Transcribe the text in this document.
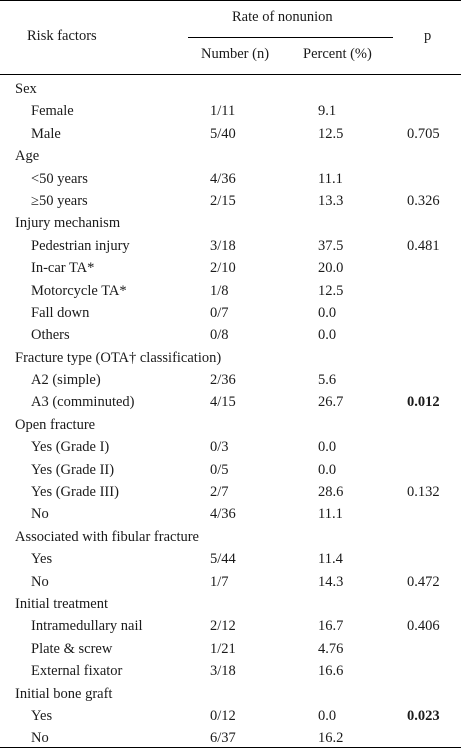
Risk factors
Rate of nonunion
Number (n) Percent (%)
p
Sex
Female	1/11	9.1
Male	5/40	12.5	0.705
Age
<50 years	4/36	11.1
≥50 years	2/15	13.3	0.326
Injury mechanism
Pedestrian injury	3/18	37.5	0.481
In-car TA*	2/10	20.0
Motorcycle TA*	1/8	12.5
Fall down	0/7	0.0
Others	0/8	0.0
Fracture type (OTA† classification)
A2 (simple)	2/36	5.6
A3 (comminuted)	4/15	26.7	0.012
Open fracture
Yes (Grade I)	0/3	0.0
Yes (Grade II)	0/5	0.0
Yes (Grade III)	2/7	28.6	0.132
No	4/36	11.1
Associated with fibular fracture
Yes	5/44	11.4
No	1/7	14.3	0.472
Initial treatment
Intramedullary nail	2/12	16.7	0.406
Plate & screw	1/21	4.76
External fixator	3/18	16.6
Initial bone graft
Yes	0/12	0.0	0.023
No	6/37	16.2
